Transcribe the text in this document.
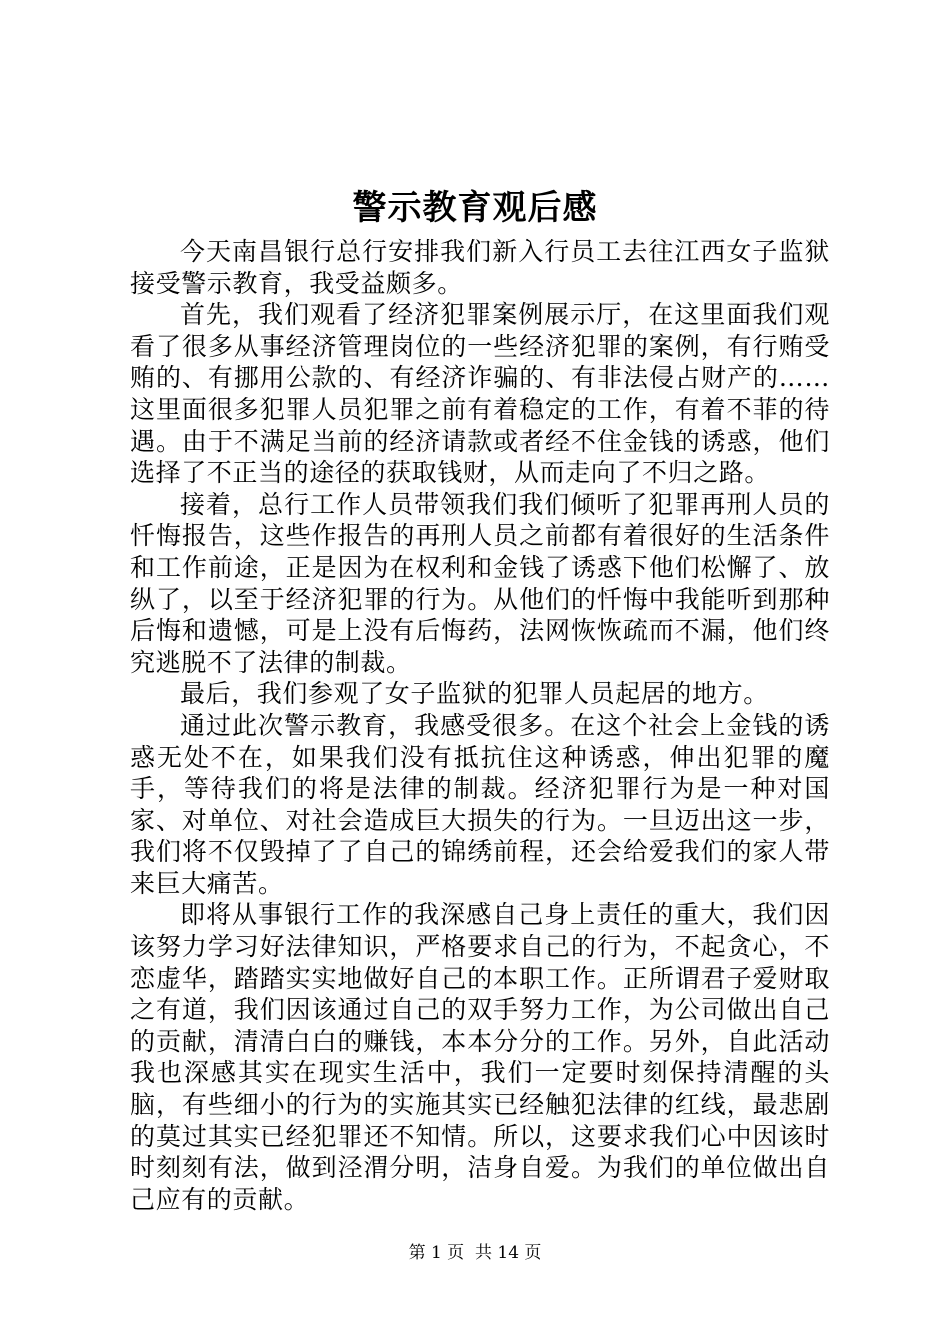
警示教育观后感

今天南昌银行总行安排我们新入行员工去往江西女子监狱接受警示教育，我受益颇多。

首先，我们观看了经济犯罪案例展示厅，在这里面我们观看了很多从事经济管理岗位的一些经济犯罪的案例，有行贿受贿的、有挪用公款的、有经济诈骗的、有非法侵占财产的……这里面很多犯罪人员犯罪之前有着稳定的工作，有着不菲的待遇。由于不满足当前的经济请款或者经不住金钱的诱惑，他们选择了不正当的途径的获取钱财，从而走向了不归之路。

接着，总行工作人员带领我们我们倾听了犯罪再刑人员的忏悔报告，这些作报告的再刑人员之前都有着很好的生活条件和工作前途，正是因为在权利和金钱了诱惑下他们松懈了、放纵了，以至于经济犯罪的行为。从他们的忏悔中我能听到那种后悔和遗憾，可是上没有后悔药，法网恢恢疏而不漏，他们终究逃脱不了法律的制裁。

最后，我们参观了女子监狱的犯罪人员起居的地方。

通过此次警示教育，我感受很多。在这个社会上金钱的诱惑无处不在，如果我们没有抵抗住这种诱惑，伸出犯罪的魔手，等待我们的将是法律的制裁。经济犯罪行为是一种对国家、对单位、对社会造成巨大损失的行为。一旦迈出这一步，我们将不仅毁掉了了自己的锦绣前程，还会给爱我们的家人带来巨大痛苦。

即将从事银行工作的我深感自己身上责任的重大，我们因该努力学习好法律知识，严格要求自己的行为，不起贪心，不恋虚华，踏踏实实地做好自己的本职工作。正所谓君子爱财取之有道，我们因该通过自己的双手努力工作，为公司做出自己的贡献，清清白白的赚钱，本本分分的工作。另外，自此活动我也深感其实在现实生活中，我们一定要时刻保持清醒的头脑，有些细小的行为的实施其实已经触犯法律的红线，最悲剧的莫过其实已经犯罪还不知情。所以，这要求我们心中因该时时刻刻有法，做到泾渭分明，洁身自爱。为我们的单位做出自己应有的贡献。

第 1 页  共 14 页
